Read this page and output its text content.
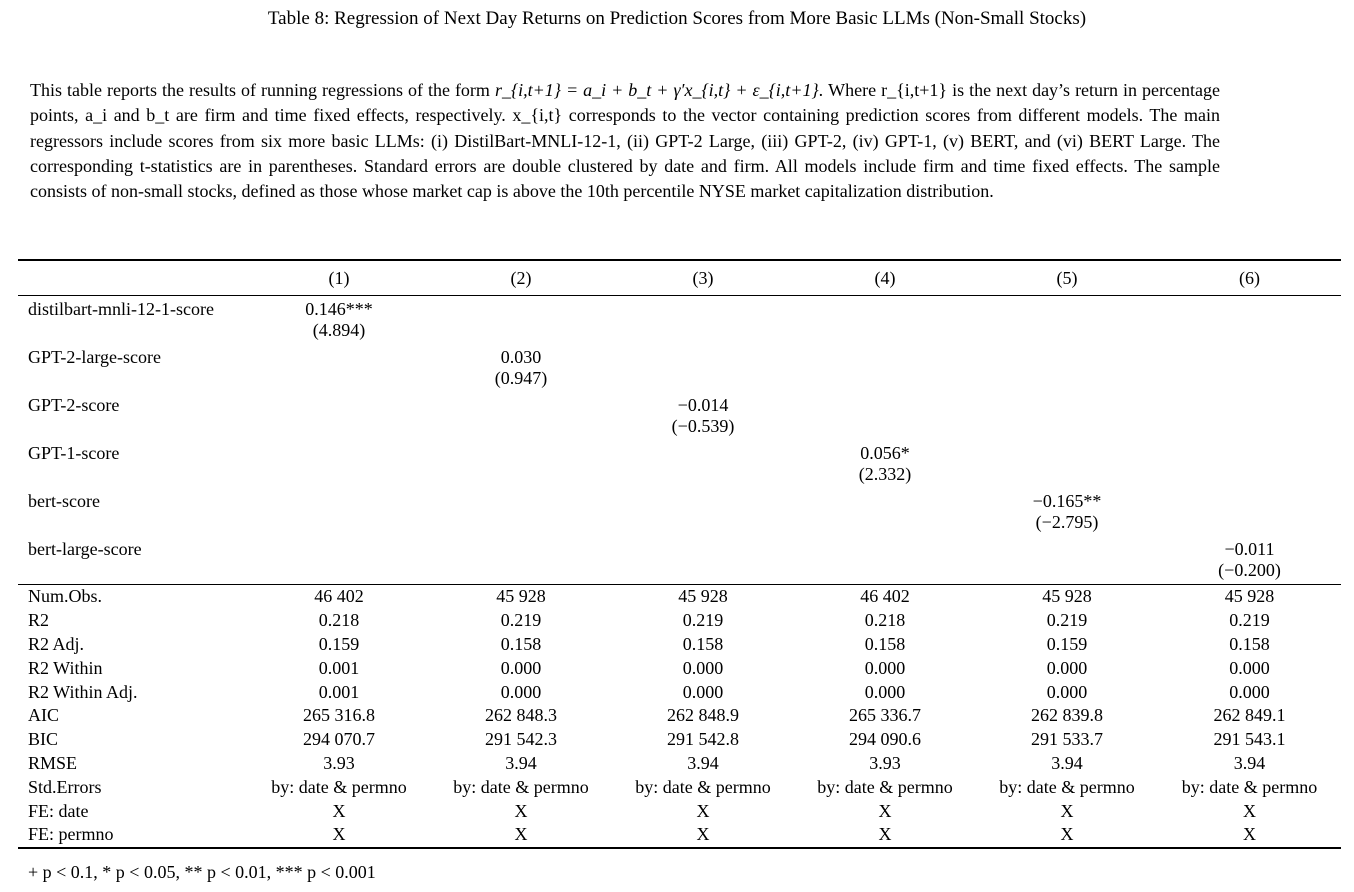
Table 8: Regression of Next Day Returns on Prediction Scores from More Basic LLMs (Non-Small Stocks)
This table reports the results of running regressions of the form r_{i,t+1} = a_i + b_t + γ′x_{i,t} + ε_{i,t+1}. Where r_{i,t+1} is the next day’s return in percentage points, a_i and b_t are firm and time fixed effects, respectively. x_{i,t} corresponds to the vector containing prediction scores from different models. The main regressors include scores from six more basic LLMs: (i) DistilBart-MNLI-12-1, (ii) GPT-2 Large, (iii) GPT-2, (iv) GPT-1, (v) BERT, and (vi) BERT Large. The corresponding t-statistics are in parentheses. Standard errors are double clustered by date and firm. All models include firm and time fixed effects. The sample consists of non-small stocks, defined as those whose market cap is above the 10th percentile NYSE market capitalization distribution.
	(1)	(2)	(3)	(4)	(5)	(6)
distilbart-mnli-12-1-score	0.146***					
	(4.894)					
GPT-2-large-score		0.030				
		(0.947)				
GPT-2-score			−0.014			
			(−0.539)			
GPT-1-score				0.056*		
				(2.332)		
bert-score					−0.165**	
					(−2.795)	
bert-large-score						−0.011
						(−0.200)
Num.Obs.	46 402	45 928	45 928	46 402	45 928	45 928
R2	0.218	0.219	0.219	0.218	0.219	0.219
R2 Adj.	0.159	0.158	0.158	0.158	0.159	0.158
R2 Within	0.001	0.000	0.000	0.000	0.000	0.000
R2 Within Adj.	0.001	0.000	0.000	0.000	0.000	0.000
AIC	265 316.8	262 848.3	262 848.9	265 336.7	262 839.8	262 849.1
BIC	294 070.7	291 542.3	291 542.8	294 090.6	291 533.7	291 543.1
RMSE	3.93	3.94	3.94	3.93	3.94	3.94
Std.Errors	by: date & permno	by: date & permno	by: date & permno	by: date & permno	by: date & permno	by: date & permno
FE: date	X	X	X	X	X	X
FE: permno	X	X	X	X	X	X
+ p < 0.1, * p < 0.05, ** p < 0.01, *** p < 0.001
